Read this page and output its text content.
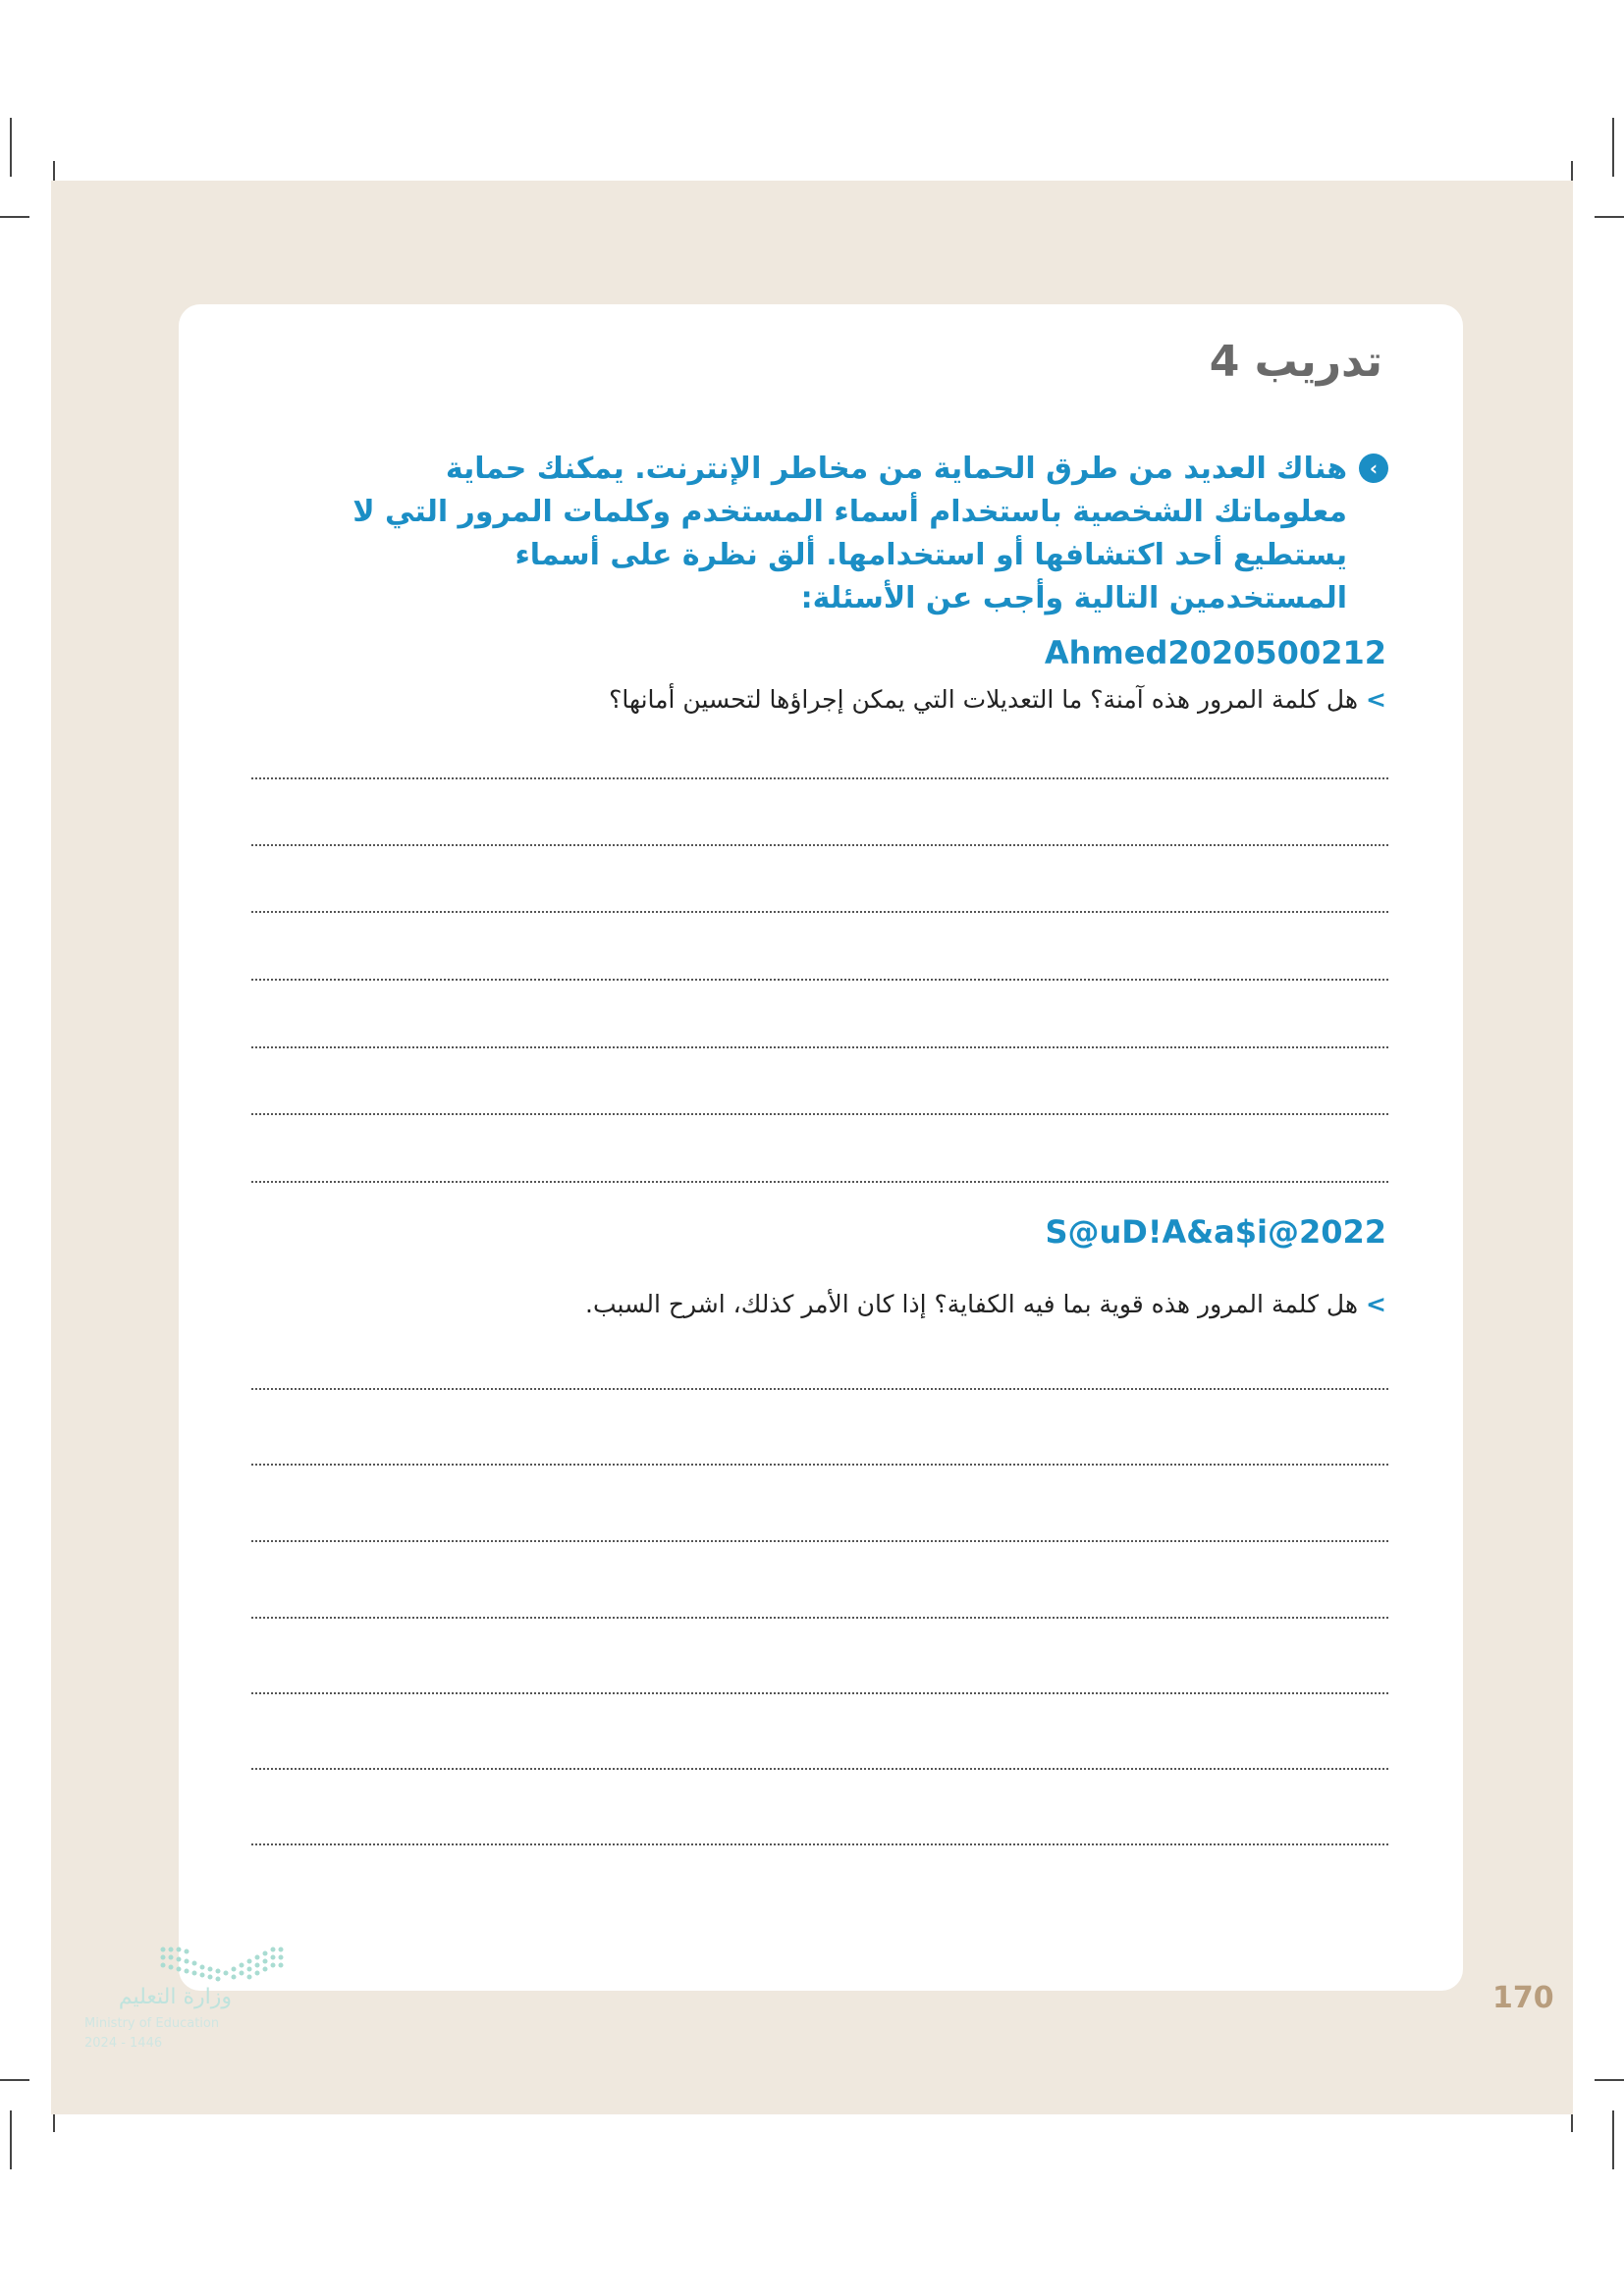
تدريب 4
‹

هناك العديد من طرق الحماية من مخاطر الإنترنت. يمكنك حماية معلوماتك الشخصية باستخدام أسماء المستخدم وكلمات المرور التي لا يستطيع أحد اكتشافها أو استخدامها. ألق نظرة على أسماء المستخدمين التالية وأجب عن الأسئلة:

Ahmed2020500212
>هل كلمة المرور هذه آمنة؟ ما التعديلات التي يمكن إجراؤها لتحسين أمانها؟
S@uD!A&a$i@2022
>هل كلمة المرور هذه قوية بما فيه الكفاية؟ إذا كان الأمر كذلك، اشرح السبب.
170
وزارة التعليم
Ministry of Education
2024 - 1446
